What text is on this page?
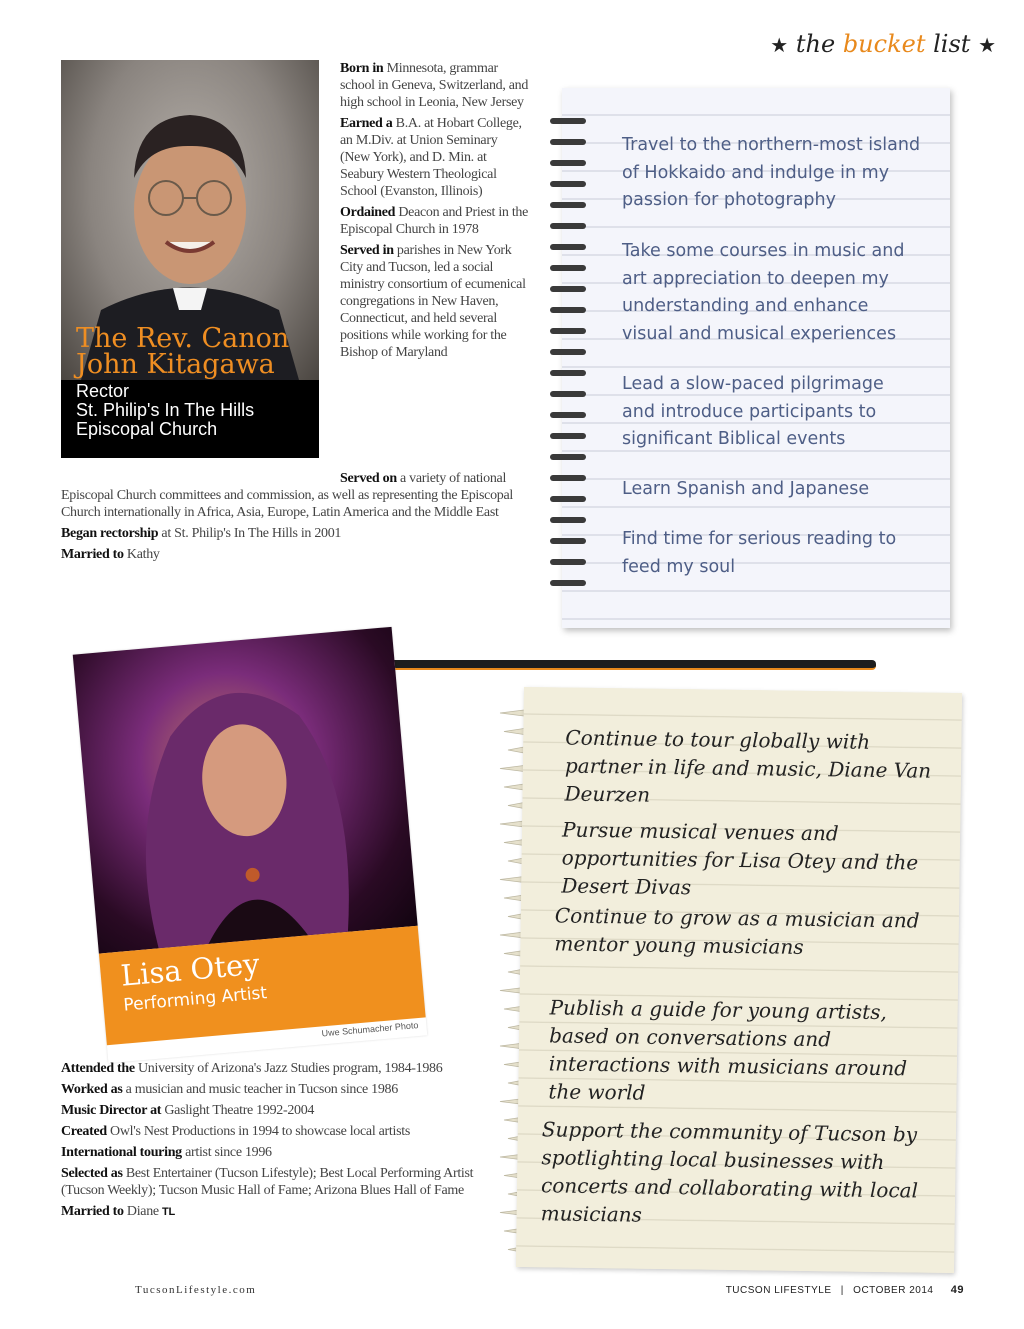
★ the bucket list ★
The Rev. Canon John Kitagawa
Rector
St. Philip's In The Hills
Episcopal Church

Born in Minnesota, grammar school in Geneva, Switzerland, and high school in Leonia, New Jersey

Earned a B.A. at Hobart College, an M.Div. at Union Seminary (New York), and D. Min. at Seabury Western Theological School (Evanston, Illinois)

Ordained Deacon and Priest in the Episcopal Church in 1978

Served in parishes in New York City and Tucson, led a social ministry consortium of ecumenical congregations in New Haven, Connecticut, and held several positions while working for the Bishop of Maryland

Served on a variety of national Episcopal Church committees and commission, as well as representing the Episcopal Church internationally in Africa, Asia, Europe, Latin America and the Middle East

Began rectorship at St. Philip's In The Hills in 2001

Married to Kathy

Travel to the northern-most island of Hokkaido and indulge in my passion for photography
Take some courses in music and art appreciation to deepen my understanding and enhance visual and musical experiences
Lead a slow-paced pilgrimage and introduce participants to significant Biblical events
Learn Spanish and Japanese
Find time for serious reading to feed my soul
Lisa Otey
Performing Artist
Uwe Schumacher Photo

Attended the University of Arizona's Jazz Studies program, 1984-1986

Worked as a musician and music teacher in Tucson since 1986

Music Director at Gaslight Theatre 1992-2004

Created Owl's Nest Productions in 1994 to showcase local artists

International touring artist since 1996

Selected as Best Entertainer (Tucson Lifestyle); Best Local Performing Artist (Tucson Weekly); Tucson Music Hall of Fame; Arizona Blues Hall of Fame

Married to Diane TL

Continue to tour globally with partner in life and music, Diane Van Deurzen
Pursue musical venues and opportunities for Lisa Otey and the Desert Divas
Continue to grow as a musician and mentor young musicians
Publish a guide for young artists, based on conversations and interactions with musicians around the world
Support the community of Tucson by spotlighting local businesses with concerts and collaborating with local musicians
TucsonLifestyle.com	TUCSON LIFESTYLE | OCTOBER 2014 49
